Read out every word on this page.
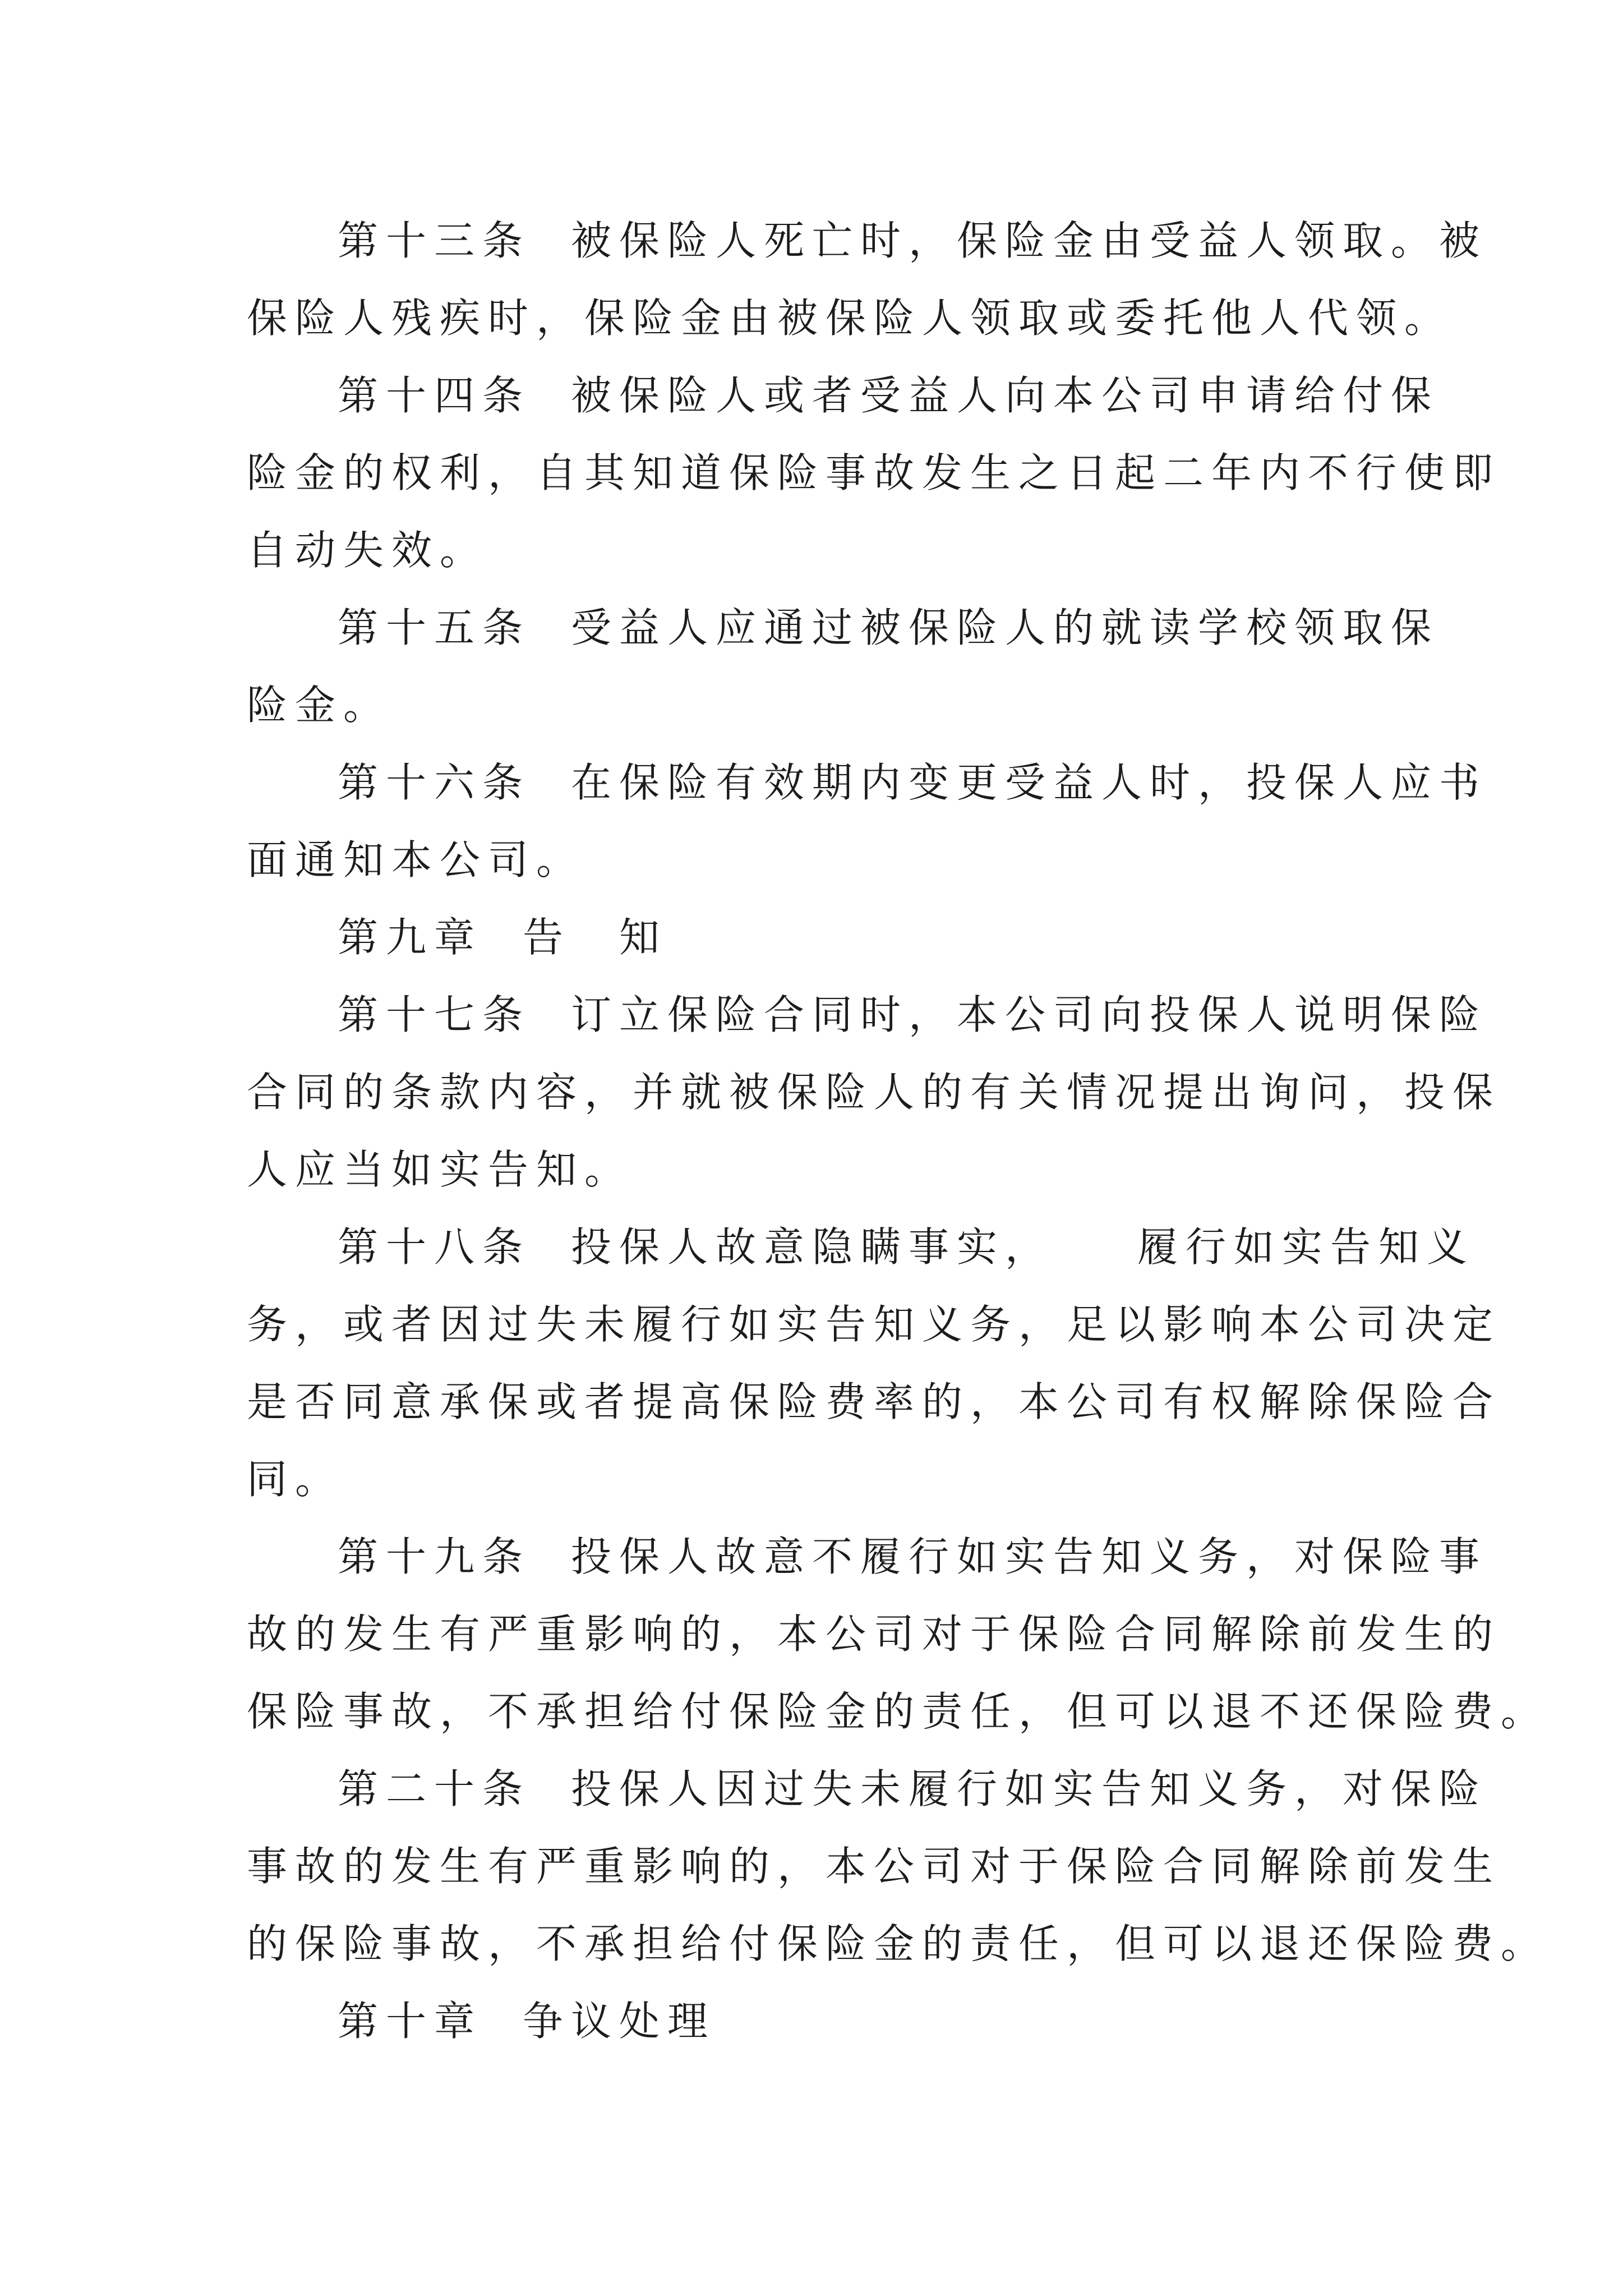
第十三条 被保险人死亡时，保险金由受益人领取。被
保险人残疾时，保险金由被保险人领取或委托他人代领。
第十四条 被保险人或者受益人向本公司申请给付保
险金的权利，自其知道保险事故发生之日起二年内不行使即
自动失效。
第十五条 受益人应通过被保险人的就读学校领取保
险金。
第十六条 在保险有效期内变更受益人时，投保人应书
面通知本公司。
第九章 告　知
第十七条 订立保险合同时，本公司向投保人说明保险
合同的条款内容，并就被保险人的有关情况提出询问，投保
人应当如实告知。
第十八条 投保人故意隐瞒事实， 履行如实告知义
务，或者因过失未履行如实告知义务，足以影响本公司决定
是否同意承保或者提高保险费率的，本公司有权解除保险合
同。
第十九条 投保人故意不履行如实告知义务，对保险事
故的发生有严重影响的，本公司对于保险合同解除前发生的
保险事故，不承担给付保险金的责任，但可以退不还保险费。
第二十条 投保人因过失未履行如实告知义务，对保险
事故的发生有严重影响的，本公司对于保险合同解除前发生
的保险事故，不承担给付保险金的责任，但可以退还保险费。
第十章 争议处理
